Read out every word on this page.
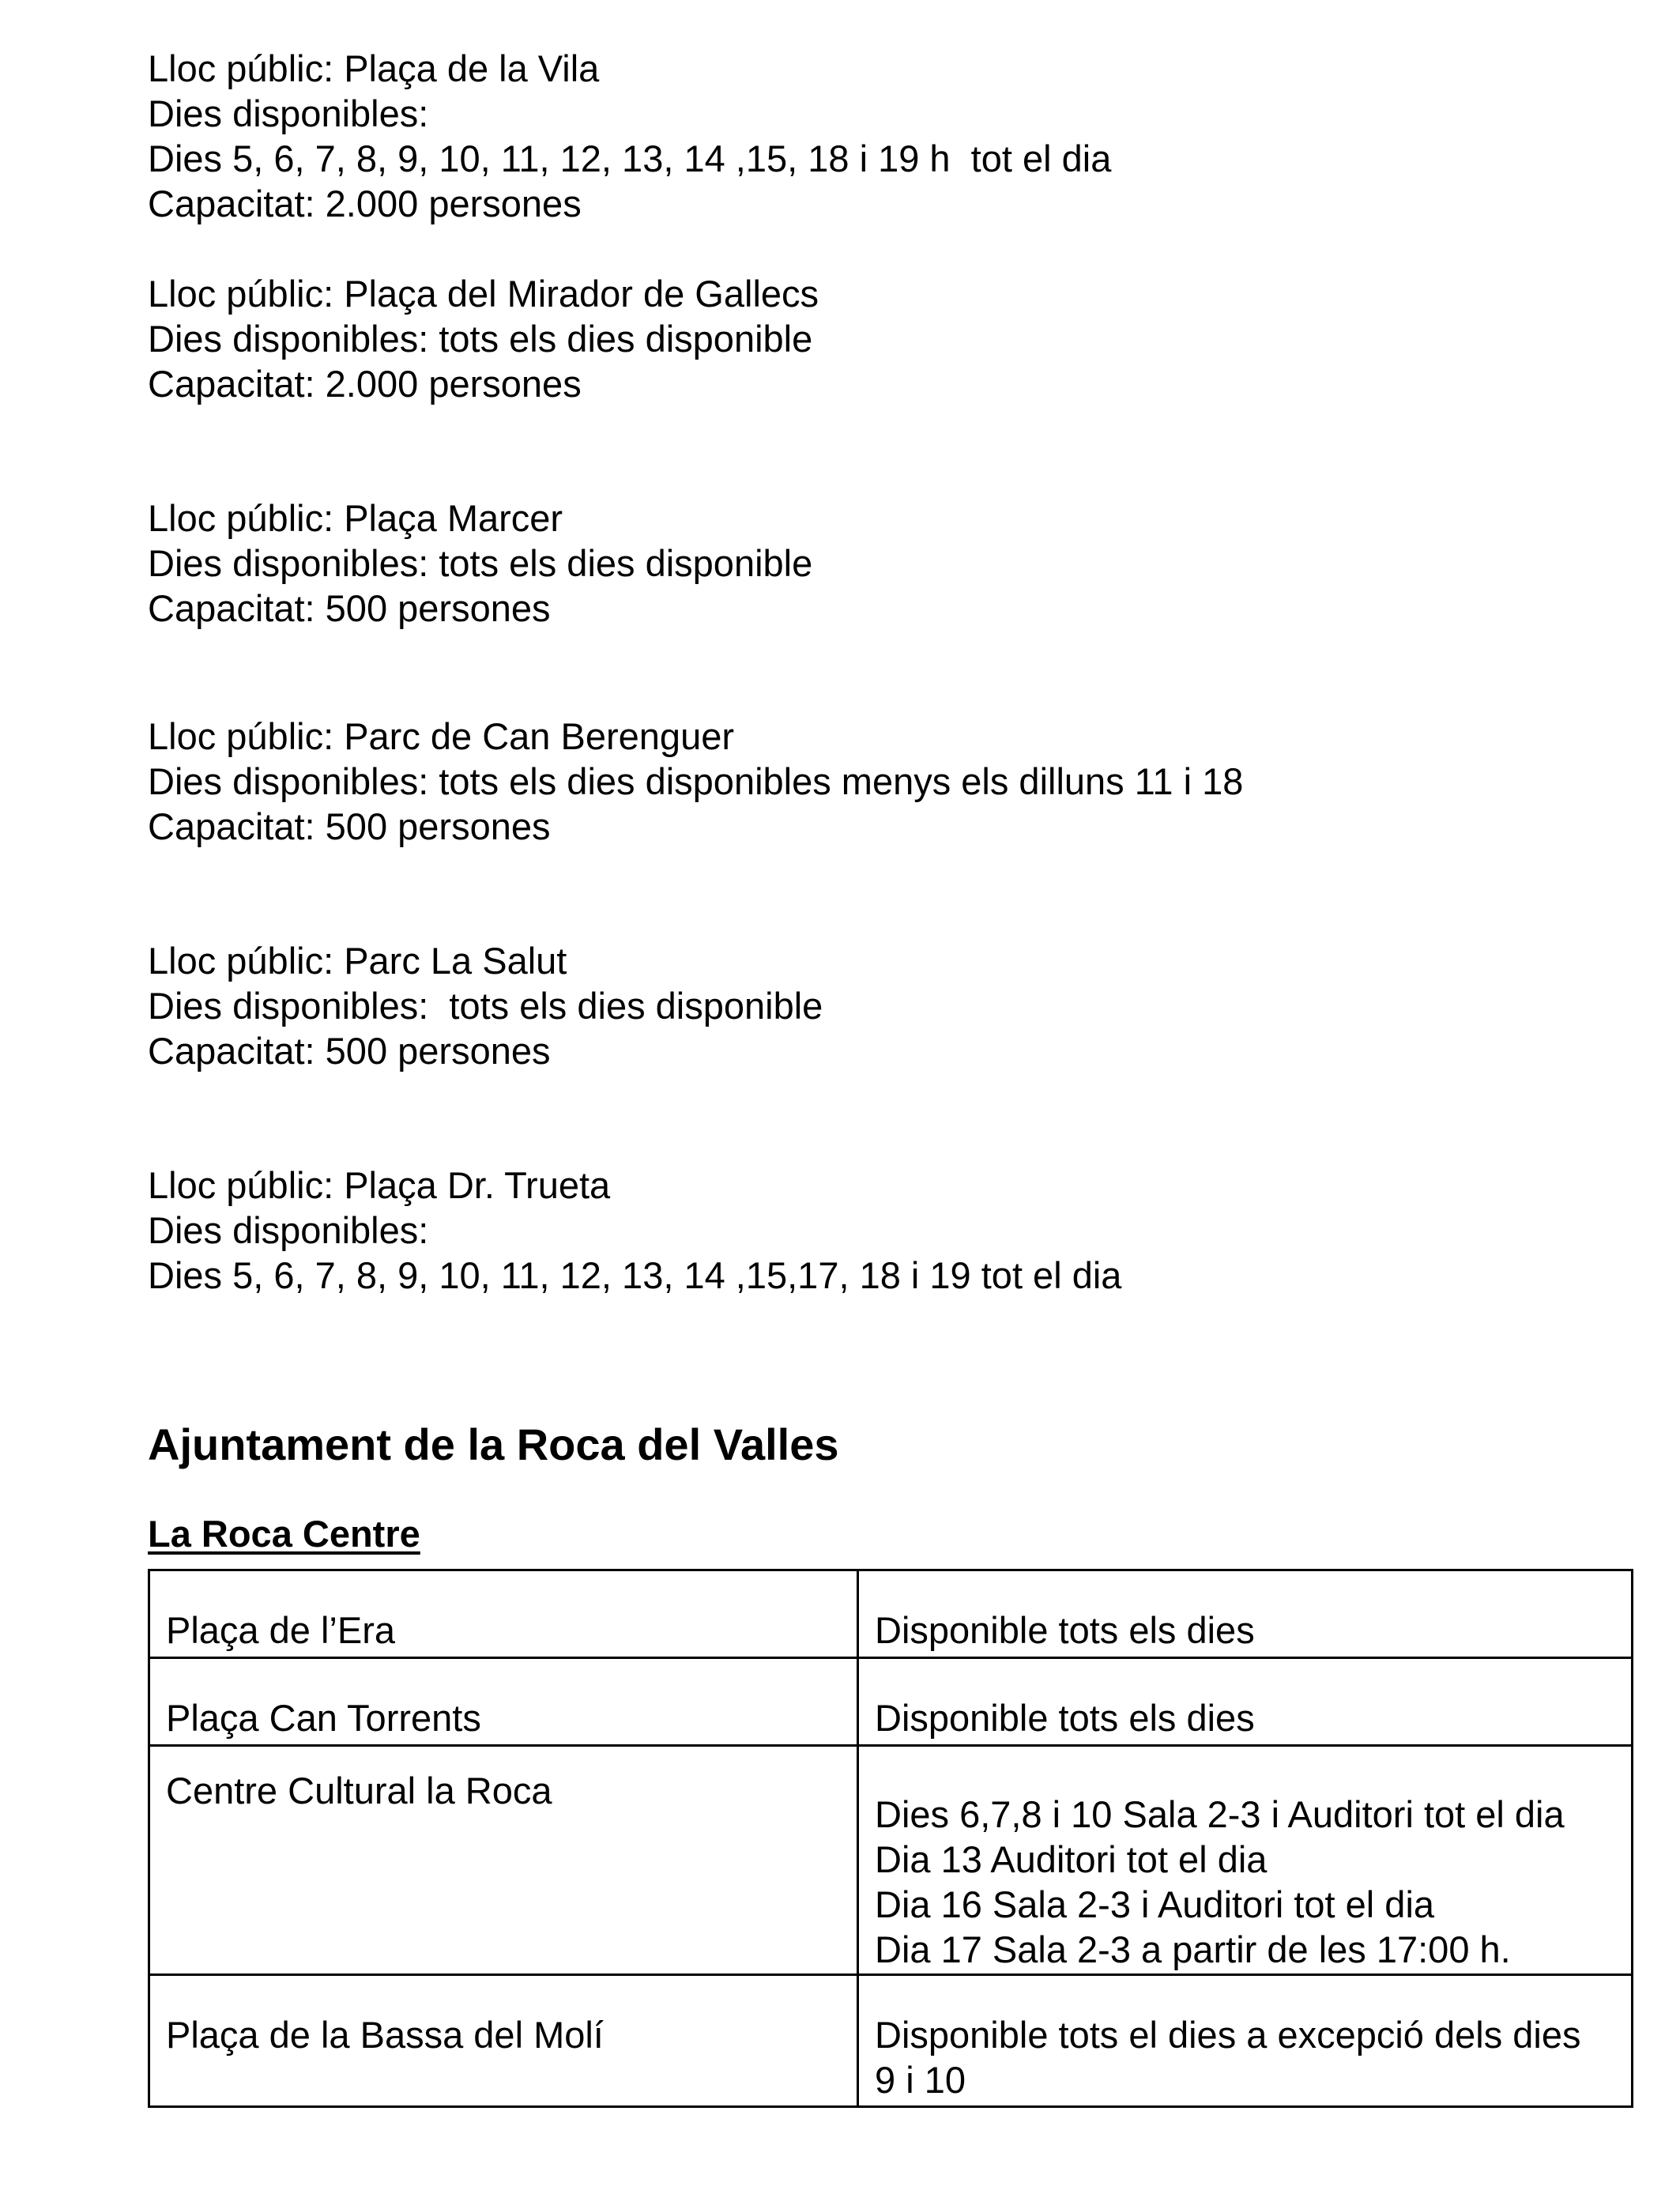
Lloc públic: Plaça de la Vila

Dies disponibles:

Dies 5, 6, 7, 8, 9, 10, 11, 12, 13, 14 ,15, 18 i 19 h  tot el dia

Capacitat: 2.000 persones

Lloc públic: Plaça del Mirador de Gallecs

Dies disponibles: tots els dies disponible

Capacitat: 2.000 persones

Lloc públic: Plaça Marcer

Dies disponibles: tots els dies disponible

Capacitat: 500 persones

Lloc públic: Parc de Can Berenguer

Dies disponibles: tots els dies disponibles menys els dilluns 11 i 18

Capacitat: 500 persones

Lloc públic: Parc La Salut

Dies disponibles:  tots els dies disponible

Capacitat: 500 persones

Lloc públic: Plaça Dr. Trueta

Dies disponibles:

Dies 5, 6, 7, 8, 9, 10, 11, 12, 13, 14 ,15,17, 18 i 19 tot el dia

Ajuntament de la Roca del Valles
La Roca Centre
Plaça de l’Era	Disponible tots els dies

Plaça Can Torrents	Disponible tots els dies

Centre Cultural la Roca	Dies 6,7,8 i 10 Sala 2-3 i Auditori tot el dia
Dia 13 Auditori tot el dia
Dia 16 Sala 2-3 i Auditori tot el dia
Dia 17 Sala 2-3 a partir de les 17:00 h.

Plaça de la Bassa del Molí	Disponible tots el dies a excepció dels dies
9 i 10
